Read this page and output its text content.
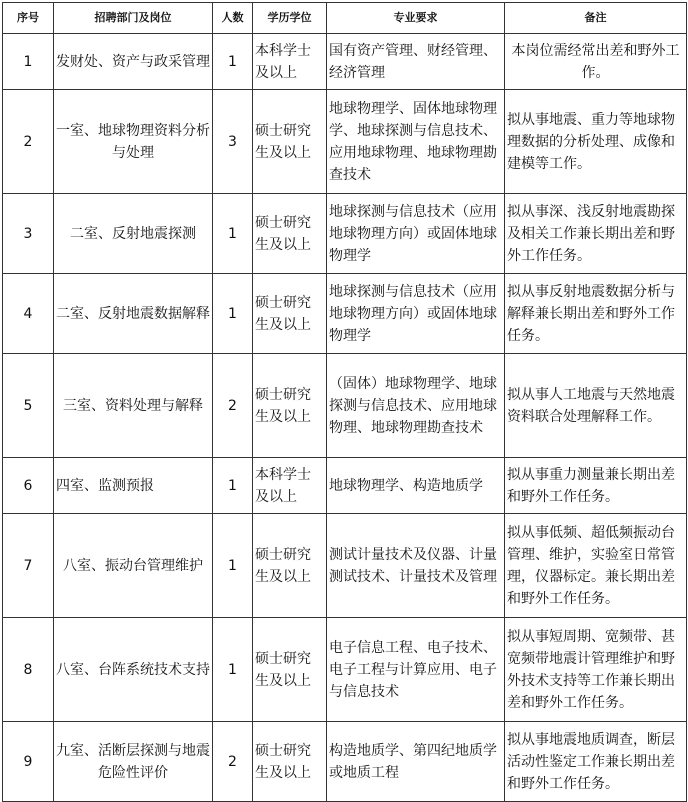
序号	招聘部门及岗位	人数	学历学位	专业要求	备注
1	发财处、资产与政采管理	1	本科学士及以上	国有资产管理、财经管理、经济管理	本岗位需经常出差和野外工作。
2	一室、地球物理资料分析与处理	3	硕士研究生及以上	地球物理学、固体地球物理学、地球探测与信息技术、应用地球物理、地球物理勘查技术	拟从事地震、重力等地球物理数据的分析处理、成像和建模等工作。
3	二室、反射地震探测	1	硕士研究生及以上	地球探测与信息技术（应用地球物理方向）或固体地球物理学	拟从事深、浅反射地震勘探及相关工作兼长期出差和野外工作任务。
4	二室、反射地震数据解释	1	硕士研究生及以上	地球探测与信息技术（应用地球物理方向）或固体地球物理学	拟从事反射地震数据分析与解释兼长期出差和野外工作任务。
5	三室、资料处理与解释	2	硕士研究生及以上	（固体）地球物理学、地球探测与信息技术、应用地球物理、地球物理勘查技术	拟从事人工地震与天然地震资料联合处理解释工作。
6	四室、监测预报	1	本科学士及以上	地球物理学、构造地质学	拟从事重力测量兼长期出差和野外工作任务。
7	八室、振动台管理维护	1	硕士研究生及以上	测试计量技术及仪器、计量测试技术、计量技术及管理	拟从事低频、超低频振动台管理、维护，实验室日常管理，仪器标定。兼长期出差和野外工作任务。
8	八室、台阵系统技术支持	1	硕士研究生及以上	电子信息工程、电子技术、电子工程与计算应用、电子与信息技术	拟从事短周期、宽频带、甚宽频带地震计管理维护和野外技术支持等工作兼长期出差和野外工作任务。
9	九室、活断层探测与地震危险性评价	2	硕士研究生及以上	构造地质学、第四纪地质学或地质工程	拟从事地震地质调查，断层活动性鉴定工作兼长期出差和野外工作任务。
